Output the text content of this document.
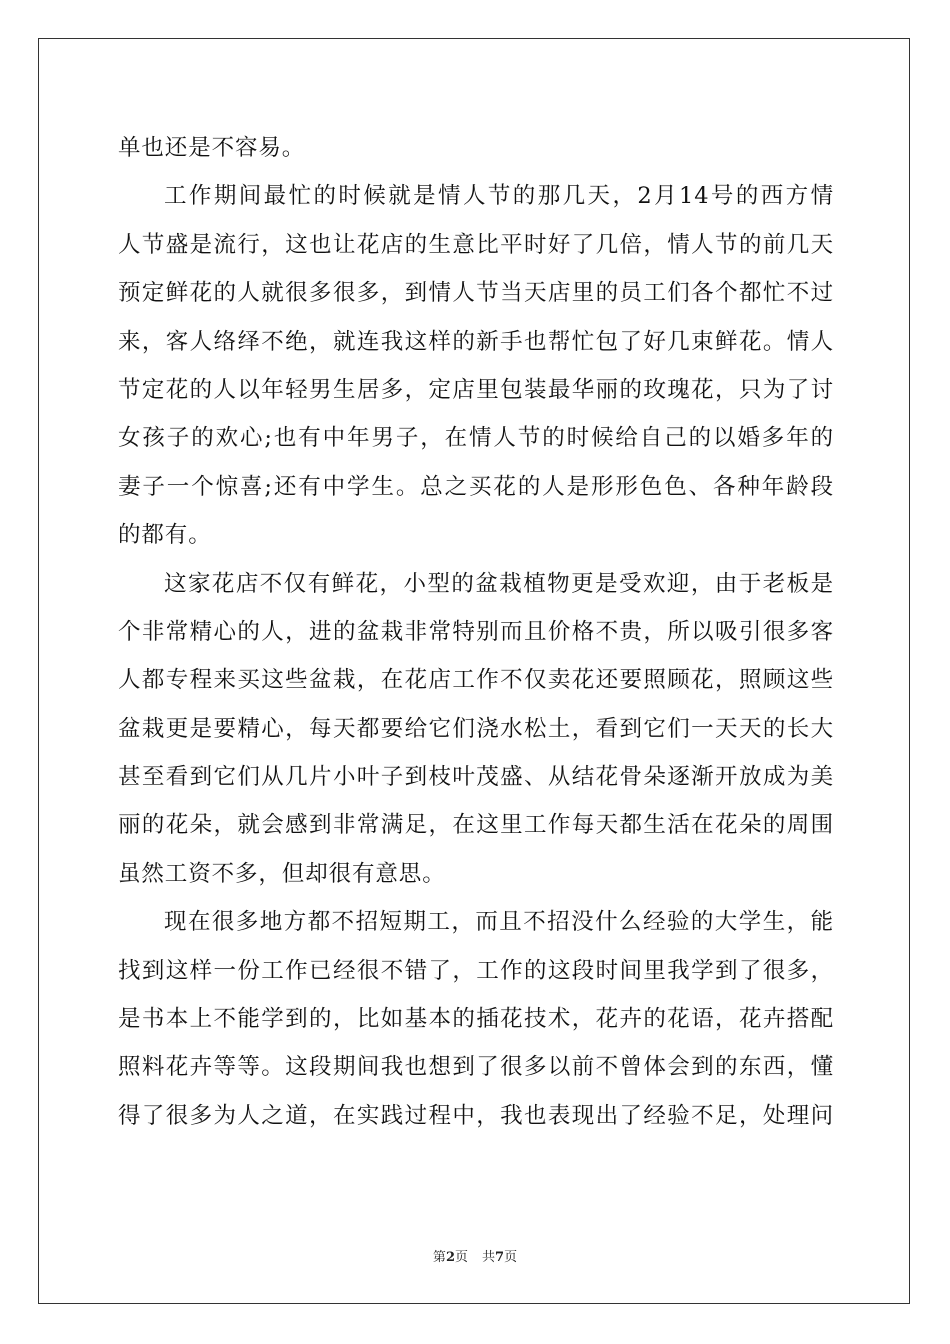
单也还是不容易。
工作期间最忙的时候就是情人节的那几天，2月14号的西方情
人节盛是流行，这也让花店的生意比平时好了几倍，情人节的前几天
预定鲜花的人就很多很多，到情人节当天店里的员工们各个都忙不过
来，客人络绎不绝，就连我这样的新手也帮忙包了好几束鲜花。情人
节定花的人以年轻男生居多，定店里包装最华丽的玫瑰花，只为了讨
女孩子的欢心;也有中年男子，在情人节的时候给自己的以婚多年的
妻子一个惊喜;还有中学生。总之买花的人是形形色色、各种年龄段
的都有。
这家花店不仅有鲜花，小型的盆栽植物更是受欢迎，由于老板是
个非常精心的人，进的盆栽非常特别而且价格不贵，所以吸引很多客
人都专程来买这些盆栽，在花店工作不仅卖花还要照顾花，照顾这些
盆栽更是要精心，每天都要给它们浇水松土，看到它们一天天的长大
甚至看到它们从几片小叶子到枝叶茂盛、从结花骨朵逐渐开放成为美
丽的花朵，就会感到非常满足，在这里工作每天都生活在花朵的周围
虽然工资不多，但却很有意思。
现在很多地方都不招短期工，而且不招没什么经验的大学生，能
找到这样一份工作已经很不错了，工作的这段时间里我学到了很多，
是书本上不能学到的，比如基本的插花技术，花卉的花语，花卉搭配
照料花卉等等。这段期间我也想到了很多以前不曾体会到的东西，懂
得了很多为人之道，在实践过程中，我也表现出了经验不足，处理问
第2页 共7页
